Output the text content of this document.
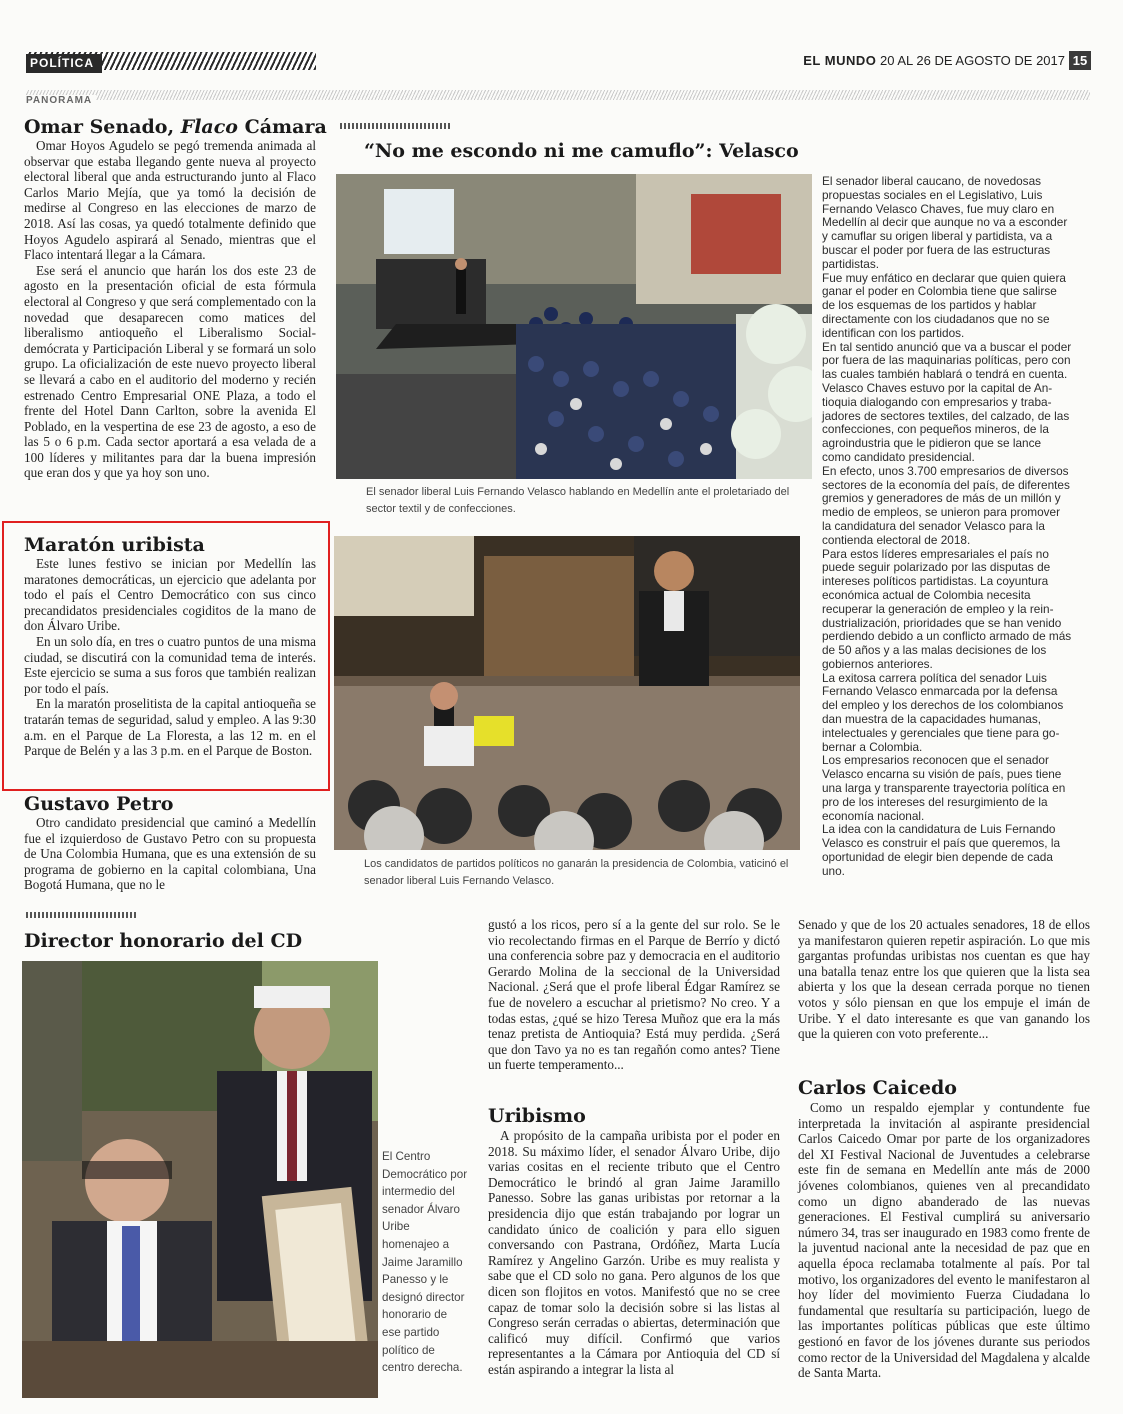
POLÍTICA	EL MUNDO 20 AL 26 DE AGOSTO DE 2017 15
PANORAMA
Omar Senado, Flaco Cámara

Omar Hoyos Agudelo se pegó tremenda animada al observar que estaba llegando gente nueva al proyecto electoral liberal que anda estructurando junto al Flaco Carlos Mario Mejía, que ya tomó la decisión de medirse al Congreso en las elecciones de marzo de 2018. Así las cosas, ya quedó totalmente definido que Hoyos Agudelo aspirará al Senado, mientras que el Flaco intentará llegar a la Cámara.

Ese será el anuncio que harán los dos este 23 de agosto en la presentación oficial de esta fórmula electoral al Congreso y que será complementado con la novedad que desaparecen como matices del liberalismo antioqueño el Liberalismo Socialdemócrata y Participación Liberal y se formará un solo grupo. La oficialización de este nuevo proyecto liberal se llevará a cabo en el auditorio del moderno y recién estrenado Centro Empresarial ONE Plaza, a todo el frente del Hotel Dann Carlton, sobre la avenida El Poblado, en la vespertina de ese 23 de agosto, a eso de las 5 o 6 p.m. Cada sector aportará a esa velada de a 100 líderes y militantes para dar la buena impresión que eran dos y que ya hoy son uno.

Maratón uribista

Este lunes festivo se inician por Medellín las maratones democráticas, un ejercicio que adelanta por todo el país el Centro Democrático con sus cinco precandidatos presidenciales cogiditos de la mano de don Álvaro Uribe.

En un solo día, en tres o cuatro puntos de una misma ciudad, se discutirá con la comunidad tema de interés. Este ejercicio se suma a sus foros que también realizan por todo el país.

En la maratón proselitista de la capital antioqueña se tratarán temas de seguridad, salud y empleo. A las 9:30 a.m. en el Parque de La Floresta, a las 12 m. en el Parque de Belén y a las 3 p.m. en el Parque de Boston.

Gustavo Petro

Otro candidato presidencial que caminó a Medellín fue el izquierdoso de Gustavo Petro con su propuesta de Una Colombia Humana, que es una extensión de su programa de gobierno en la capital colombiana, Una Bogotá Humana, que no le

“No me escondo ni me camuflo”: Velasco
El senador liberal Luis Fernando Velasco hablando en Medellín ante el proletariado del sector textil y de confecciones.
Los candidatos de partidos políticos no ganarán la presidencia de Colombia, vaticinó el senador liberal Luis Fernando Velasco.

El senador liberal caucano, de novedosas propuestas sociales en el Legislativo, Luis Fernando Velasco Chaves, fue muy claro en Medellín al decir que aunque no va a esconder y camuflar su origen liberal y partidista, va a buscar el poder por fuera de las estructuras partidistas.

Fue muy enfático en declarar que quien quiera ganar el poder en Colombia tiene que salirse de los esquemas de los partidos y hablar directamente con los ciudadanos que no se identifican con los partidos.

En tal sentido anunció que va a buscar el poder por fuera de las maquinarias políticas, pero con las cuales también hablará o tendrá en cuenta.

Velasco Chaves estuvo por la capital de Antioquia dialogando con empresarios y trabajadores de sectores textiles, del calzado, de las confecciones, con pequeños mineros, de la agroindustria que le pidieron que se lance como candidato presidencial.

En efecto, unos 3.700 empresarios de diversos sectores de la economía del país, de diferentes gremios y generadores de más de un millón y medio de empleos, se unieron para promover la candidatura del senador Velasco para la contienda electoral de 2018.

Para estos líderes empresariales el país no puede seguir polarizado por las disputas de intereses políticos partidistas. La coyuntura económica actual de Colombia necesita recuperar la generación de empleo y la reindustrialización, prioridades que se han venido perdiendo debido a un conflicto armado de más de 50 años y a las malas decisiones de los gobiernos anteriores.

La exitosa carrera política del senador Luis Fernando Velasco enmarcada por la defensa del empleo y los derechos de los colombianos dan muestra de la capacidades humanas, intelectuales y gerenciales que tiene para gobernar a Colombia.

Los empresarios reconocen que el senador Velasco encarna su visión de país, pues tiene una larga y transparente trayectoria política en pro de los intereses del resurgimiento de la economía nacional.

La idea con la candidatura de Luis Fernando Velasco es construir el país que queremos, la oportunidad de elegir bien depende de cada uno.

Director honorario del CD
El Centro Democrático por intermedio del senador Álvaro Uribe homenajeo a Jaime Jaramillo Panesso y le designó director honorario de ese partido político de centro derecha.

gustó a los ricos, pero sí a la gente del sur rolo. Se le vio recolectando firmas en el Parque de Berrío y dictó una conferencia sobre paz y democracia en el auditorio Gerardo Molina de la seccional de la Universidad Nacional. ¿Será que el profe liberal Édgar Ramírez se fue de novelero a escuchar al prietismo? No creo. Y a todas estas, ¿qué se hizo Teresa Muñoz que era la más tenaz pretista de Antioquia? Está muy perdida. ¿Será que don Tavo ya no es tan regañón como antes? Tiene un fuerte temperamento...

Uribismo

A propósito de la campaña uribista por el poder en 2018. Su máximo líder, el senador Álvaro Uribe, dijo varias cositas en el reciente tributo que el Centro Democrático le brindó al gran Jaime Jaramillo Panesso. Sobre las ganas uribistas por retornar a la presidencia dijo que están trabajando por lograr un candidato único de coalición y para ello siguen conversando con Pastrana, Ordóñez, Marta Lucía Ramírez y Angelino Garzón. Uribe es muy realista y sabe que el CD solo no gana. Pero algunos de los que dicen son flojitos en votos. Manifestó que no se cree capaz de tomar solo la decisión sobre si las listas al Congreso serán cerradas o abiertas, determinación que calificó muy difícil. Confirmó que varios representantes a la Cámara por Antioquia del CD sí están aspirando a integrar la lista al

Senado y que de los 20 actuales senadores, 18 de ellos ya manifestaron quieren repetir aspiración. Lo que mis gargantas profundas uribistas nos cuentan es que hay una batalla tenaz entre los que quieren que la lista sea abierta y los que la desean cerrada porque no tienen votos y sólo piensan en que los empuje el imán de Uribe. Y el dato interesante es que van ganando los que la quieren con voto preferente...

Carlos Caicedo

Como un respaldo ejemplar y contundente fue interpretada la invitación al aspirante presidencial Carlos Caicedo Omar por parte de los organizadores del XI Festival Nacional de Juventudes a celebrarse este fin de semana en Medellín ante más de 2000 jóvenes colombianos, quienes ven al precandidato como un digno abanderado de las nuevas generaciones. El Festival cumplirá su aniversario número 34, tras ser inaugurado en 1983 como frente de la juventud nacional ante la necesidad de paz que en aquella época reclamaba totalmente al país. Por tal motivo, los organizadores del evento le manifestaron al hoy líder del movimiento Fuerza Ciudadana lo fundamental que resultaría su participación, luego de las importantes políticas públicas que este último gestionó en favor de los jóvenes durante sus periodos como rector de la Universidad del Magdalena y alcalde de Santa Marta.
